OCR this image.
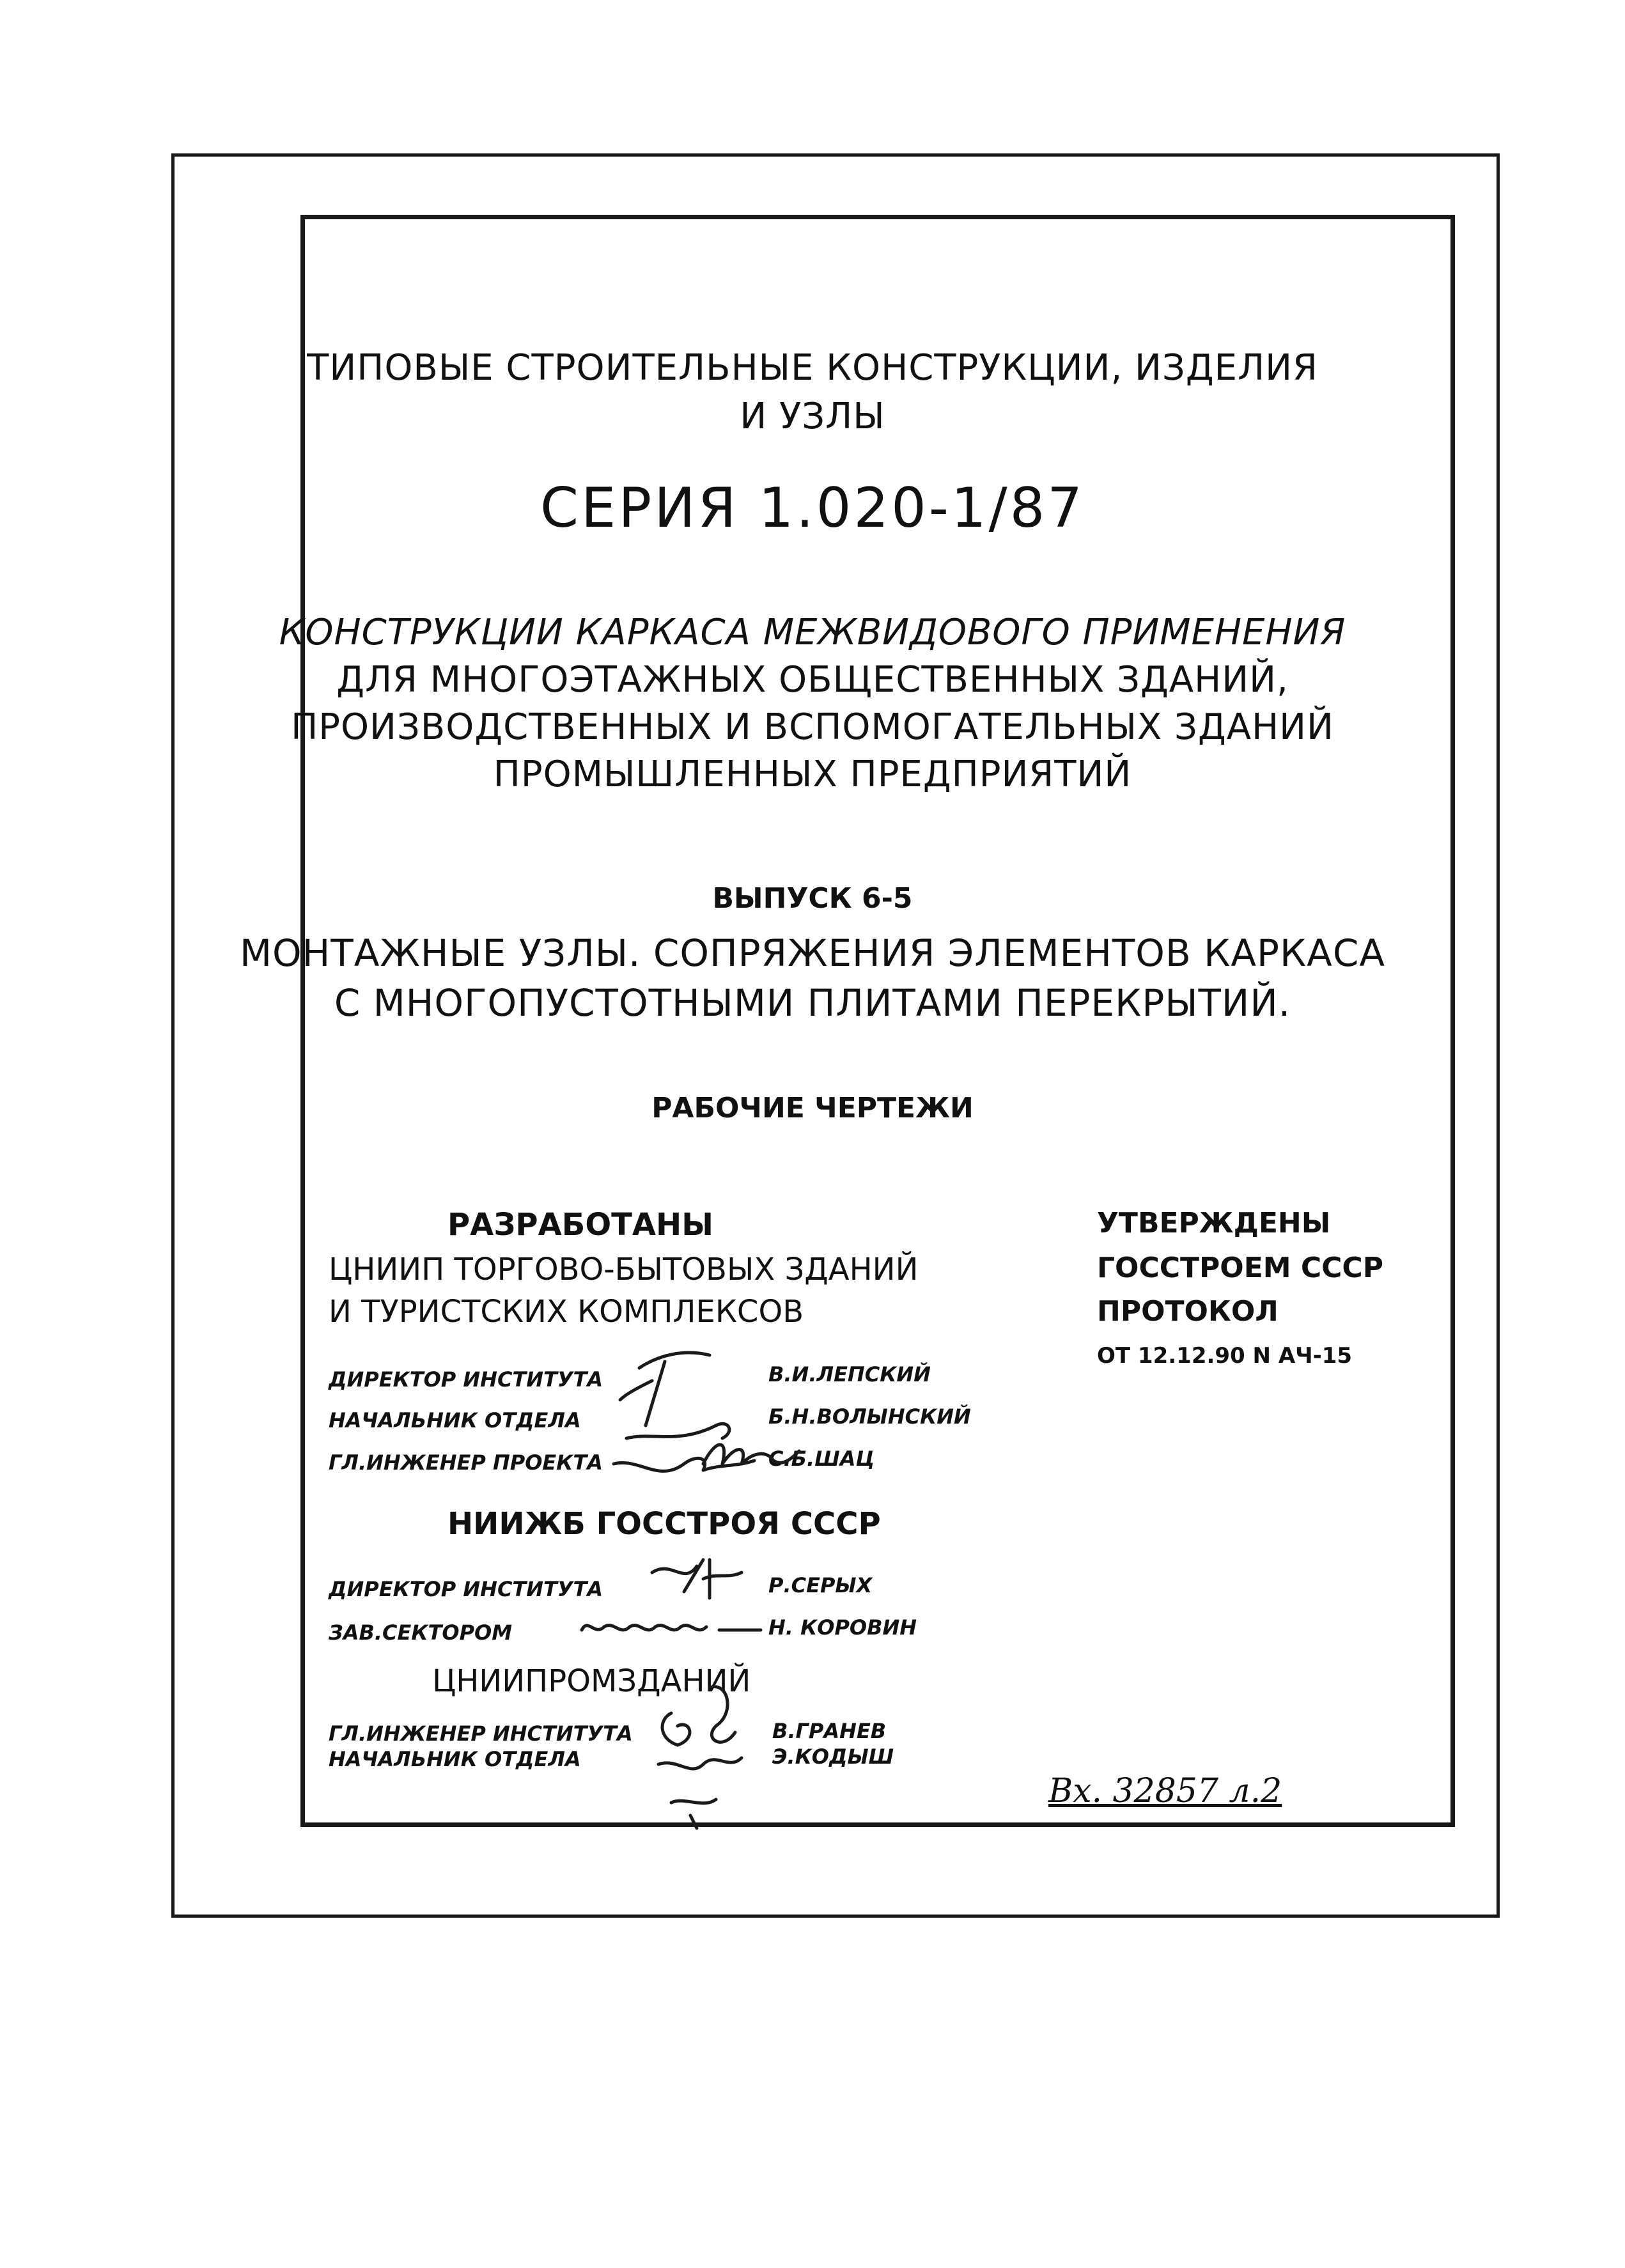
ТИПОВЫЕ СТРОИТЕЛЬНЫЕ КОНСТРУКЦИИ, ИЗДЕЛИЯ
И УЗЛЫ
СЕРИЯ 1.020-1/87
КОНСТРУКЦИИ КАРКАСА МЕЖВИДОВОГО ПРИМЕНЕНИЯ
ДЛЯ МНОГОЭТАЖНЫХ ОБЩЕСТВЕННЫХ ЗДАНИЙ,
ПРОИЗВОДСТВЕННЫХ И ВСПОМОГАТЕЛЬНЫХ ЗДАНИЙ
ПРОМЫШЛЕННЫХ ПРЕДПРИЯТИЙ
ВЫПУСК 6-5
МОНТАЖНЫЕ УЗЛЫ. СОПРЯЖЕНИЯ ЭЛЕМЕНТОВ КАРКАСА
С МНОГОПУСТОТНЫМИ ПЛИТАМИ ПЕРЕКРЫТИЙ.
РАБОЧИЕ ЧЕРТЕЖИ
РАЗРАБОТАНЫ
ЦНИИП ТОРГОВО-БЫТОВЫХ ЗДАНИЙ
И ТУРИСТСКИХ КОМПЛЕКСОВ
ДИРЕКТОР ИНСТИТУТА	В.И.ЛЕПСКИЙ
НАЧАЛЬНИК ОТДЕЛА	Б.Н.ВОЛЫНСКИЙ
ГЛ.ИНЖЕНЕР ПРОЕКТА	С.Б.ШАЦ
НИИЖБ ГОССТРОЯ СССР
ДИРЕКТОР ИНСТИТУТА	Р.СЕРЫХ
ЗАВ.СЕКТОРОМ	Н. КОРОВИН
ЦНИИПРОМЗДАНИЙ
ГЛ.ИНЖЕНЕР ИНСТИТУТА	В.ГРАНЕВ
НАЧАЛЬНИК ОТДЕЛА	Э.КОДЫШ
УТВЕРЖДЕНЫ
ГОССТРОЕМ СССР
ПРОТОКОЛ
ОТ 12.12.90 N АЧ-15
Вх. 32857 л.2
